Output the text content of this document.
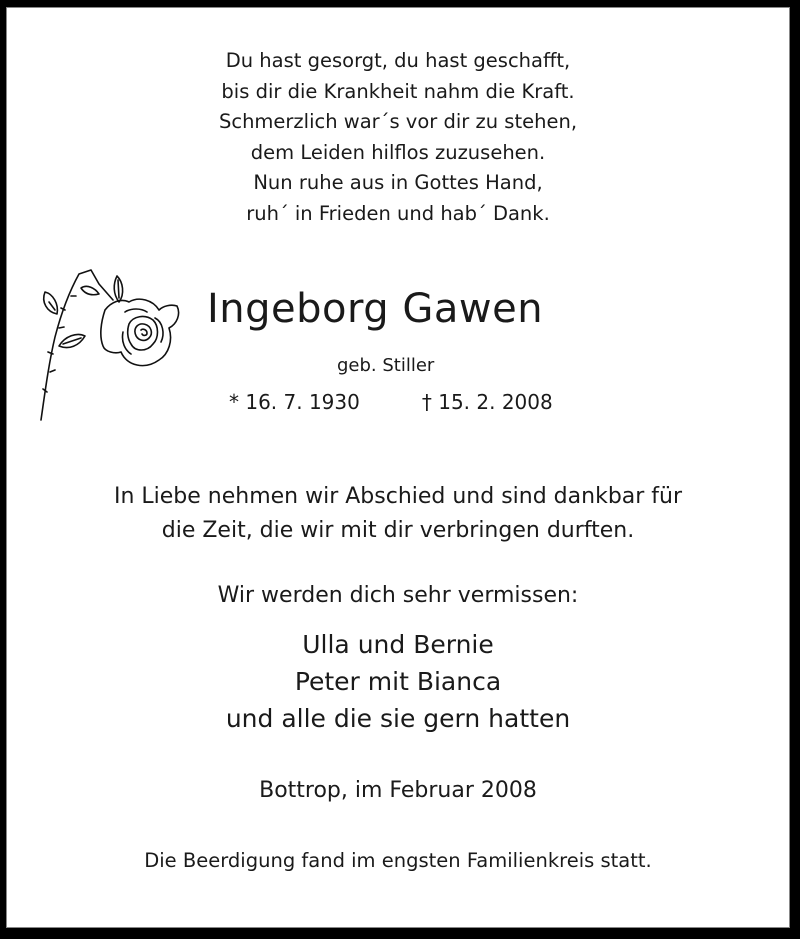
Du hast gesorgt, du hast geschafft,
bis dir die Krankheit nahm die Kraft.
Schmerzlich war´s vor dir zu stehen,
dem Leiden hilflos zuzusehen.
Nun ruhe aus in Gottes Hand,
ruh´ in Frieden und hab´ Dank.
Ingeborg Gawen
geb. Stiller
* 16. 7. 1930	† 15. 2. 2008
In Liebe nehmen wir Abschied und sind dankbar für
die Zeit, die wir mit dir verbringen durften.
Wir werden dich sehr vermissen:
Ulla und Bernie
Peter mit Bianca
und alle die sie gern hatten
Bottrop, im Februar 2008
Die Beerdigung fand im engsten Familienkreis statt.
